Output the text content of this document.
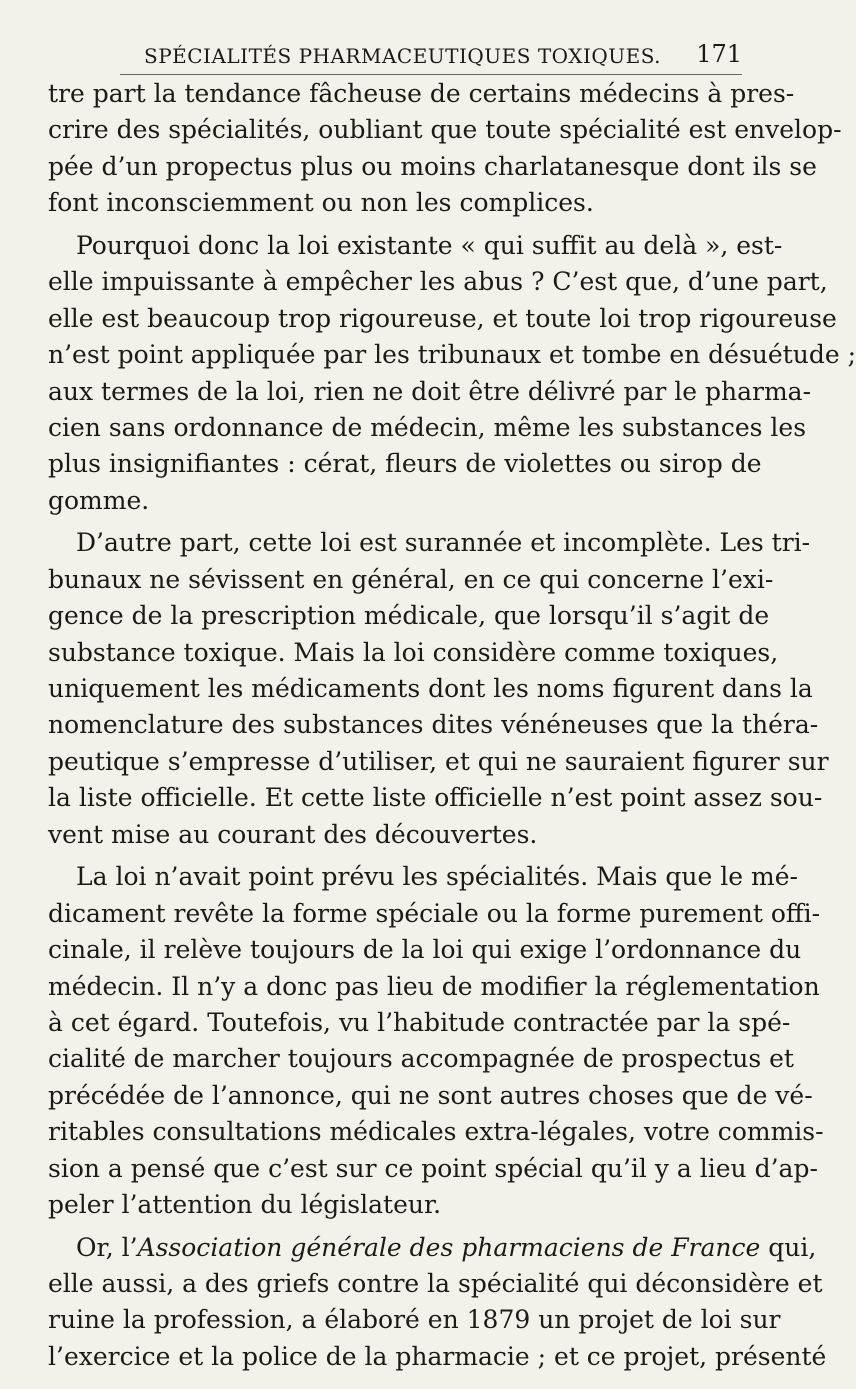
SPÉCIALITÉS PHARMACEUTIQUES TOXIQUES. 171
tre part la tendance fâcheuse de certains médecins à pres-
crire des spécialités, oubliant que toute spécialité est envelop-
pée d’un propectus plus ou moins charlatanesque dont ils se
font inconsciemment ou non les complices.
Pourquoi donc la loi existante « qui suffit au delà », est-
elle impuissante à empêcher les abus ? C’est que, d’une part,
elle est beaucoup trop rigoureuse, et toute loi trop rigoureuse
n’est point appliquée par les tribunaux et tombe en désuétude ;
aux termes de la loi, rien ne doit être délivré par le pharma-
cien sans ordonnance de médecin, même les substances les
plus insignifiantes : cérat, fleurs de violettes ou sirop de
gomme.
D’autre part, cette loi est surannée et incomplète. Les tri-
bunaux ne sévissent en général, en ce qui concerne l’exi-
gence de la prescription médicale, que lorsqu’il s’agit de
substance toxique. Mais la loi considère comme toxiques,
uniquement les médicaments dont les noms figurent dans la
nomenclature des substances dites vénéneuses que la théra-
peutique s’empresse d’utiliser, et qui ne sauraient figurer sur
la liste officielle. Et cette liste officielle n’est point assez sou-
vent mise au courant des découvertes.
La loi n’avait point prévu les spécialités. Mais que le mé-
dicament revête la forme spéciale ou la forme purement offi-
cinale, il relève toujours de la loi qui exige l’ordonnance du
médecin. Il n’y a donc pas lieu de modifier la réglementation
à cet égard. Toutefois, vu l’habitude contractée par la spé-
cialité de marcher toujours accompagnée de prospectus et
précédée de l’annonce, qui ne sont autres choses que de vé-
ritables consultations médicales extra-légales, votre commis-
sion a pensé que c’est sur ce point spécial qu’il y a lieu d’ap-
peler l’attention du législateur.
Or, l’Association générale des pharmaciens de France qui,
elle aussi, a des griefs contre la spécialité qui déconsidère et
ruine la profession, a élaboré en 1879 un projet de loi sur
l’exercice et la police de la pharmacie ; et ce projet, présenté
